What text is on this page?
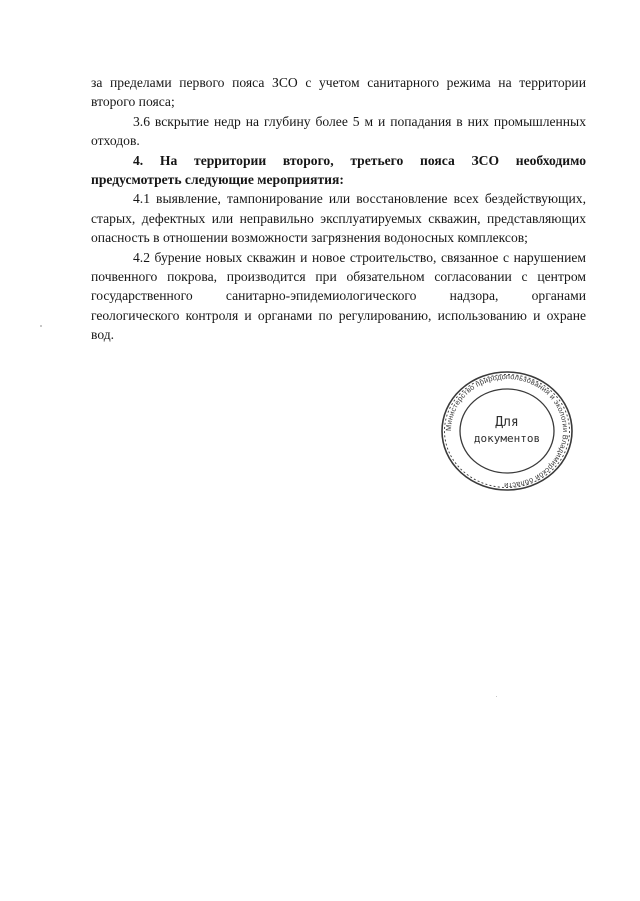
за пределами первого пояса ЗСО с учетом санитарного режима на территории второго пояса;

3.6 вскрытие недр на глубину более 5 м и попадания в них промышленных отходов.

4. На территории второго, третьего пояса ЗСО необходимо предусмотреть следующие мероприятия:

4.1 выявление, тампонирование или восстановление всех бездействующих, старых, дефектных или неправильно эксплуатируемых скважин, представляющих опасность в отношении возможности загрязнения водоносных комплексов;

4.2 бурение новых скважин и новое строительство, связанное с нарушением почвенного покрова, производится при обязательном согласовании с центром государственного санитарно-эпидемиологического надзора, органами геологического контроля и органами по регулированию, использованию и охране вод.

Министерство природопользования и экологии Владимирской области
Для
документов
